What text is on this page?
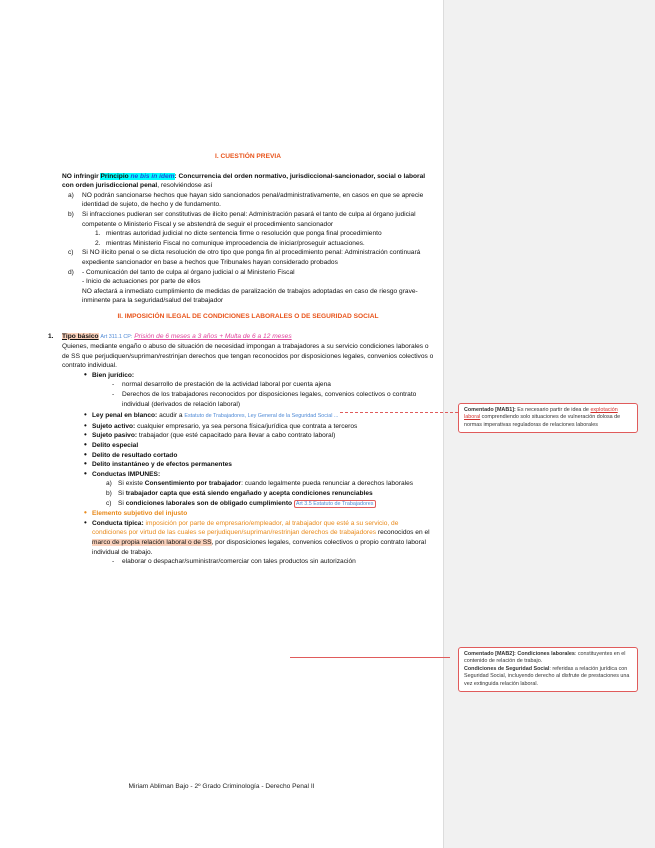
I. CUESTIÓN PREVIA

NO infringir Principio ne bis in ídem: Concurrencia del orden normativo, jurisdiccional-sancionador, social o laboral con orden jurisdiccional penal, resolviéndose así

a) NO podrán sancionarse hechos que hayan sido sancionados penal/administrativamente, en casos en que se aprecie identidad de sujeto, de hecho y de fundamento.
b) Si infracciones pudieran ser constitutivas de ilícito penal: Administración pasará el tanto de culpa al órgano judicial competente o Ministerio Fiscal y se abstendrá de seguir el procedimiento sancionador
1. mientras autoridad judicial no dicte sentencia firme o resolución que ponga final procedimiento
2. mientras Ministerio Fiscal no comunique improcedencia de iniciar/proseguir actuaciones.
c) Si NO ilícito penal o se dicta resolución de otro tipo que ponga fin al procedimiento penal: Administración continuará expediente sancionador en base a hechos que Tribunales hayan considerado probados
d) - Comunicación del tanto de culpa al órgano judicial o al Ministerio Fiscal
- Inicio de actuaciones por parte de ellos
NO afectará a inmediato cumplimiento de medidas de paralización de trabajos adoptadas en caso de riesgo grave-inminente para la seguridad/salud del trabajador

II. IMPOSICIÓN ILEGAL DE CONDICIONES LABORALES O DE SEGURIDAD SOCIAL

1. Tipo básico Art 311.1 CP: Prisión de 6 meses a 3 años + Multa de 6 a 12 meses
Quienes, mediante engaño o abuso de situación de necesidad impongan a trabajadores a su servicio condiciones laborales o de SS que perjudiquen/supriman/restrinjan derechos que tengan reconocidos por disposiciones legales, convenios colectivos o contrato individual.
• Bien jurídico:
- normal desarrollo de prestación de la actividad laboral por cuenta ajena
- Derechos de los trabajadores reconocidos por disposiciones legales, convenios colectivos o contrato individual (derivados de relación laboral)
• Ley penal en blanco: acudir a Estatuto de Trabajadores, Ley General de la Seguridad Social ...
• Sujeto activo: cualquier empresario, ya sea persona física/jurídica que contrata a terceros
• Sujeto pasivo: trabajador (que esté capacitado para llevar a cabo contrato laboral)
• Delito especial
• Delito de resultado cortado
• Delito instantáneo y de efectos permanentes
• Conductas IMPUNES:
a) Si existe Consentimiento por trabajador: cuando legalmente pueda renunciar a derechos laborales
b) Si trabajador capta que está siendo engañado y acepta condiciones renunciables
c) Si condiciones laborales son de obligado cumplimiento Art 3.5 Estatuto de Trabajadores
• Elemento subjetivo del injusto
• Conducta típica: imposición por parte de empresario/empleador, al trabajador que esté a su servicio, de condiciones por virtud de las cuales se perjudiquen/supriman/restrinjan derechos de trabajadores reconocidos en el marco de propia relación laboral o de SS, por disposiciones legales, convenios colectivos o propio contrato laboral individual de trabajo.
- elaborar o despachar/suministrar/comerciar con tales productos sin autorización
Miriam Abliman Bajo - 2º Grado Criminología - Derecho Penal II
Comentado [MAB1]: Es necesario partir de idea de explotación laboral comprendiendo solo situaciones de vulneración dolosa de normas imperativas reguladoras de relaciones laborales
Comentado [MAB2]: Condiciones laborales: constituyentes en el contenido de relación de trabajo.
Condiciones de Seguridad Social: referidas a relación jurídica con Seguridad Social, incluyendo derecho al disfrute de prestaciones una vez extinguida relación laboral.
